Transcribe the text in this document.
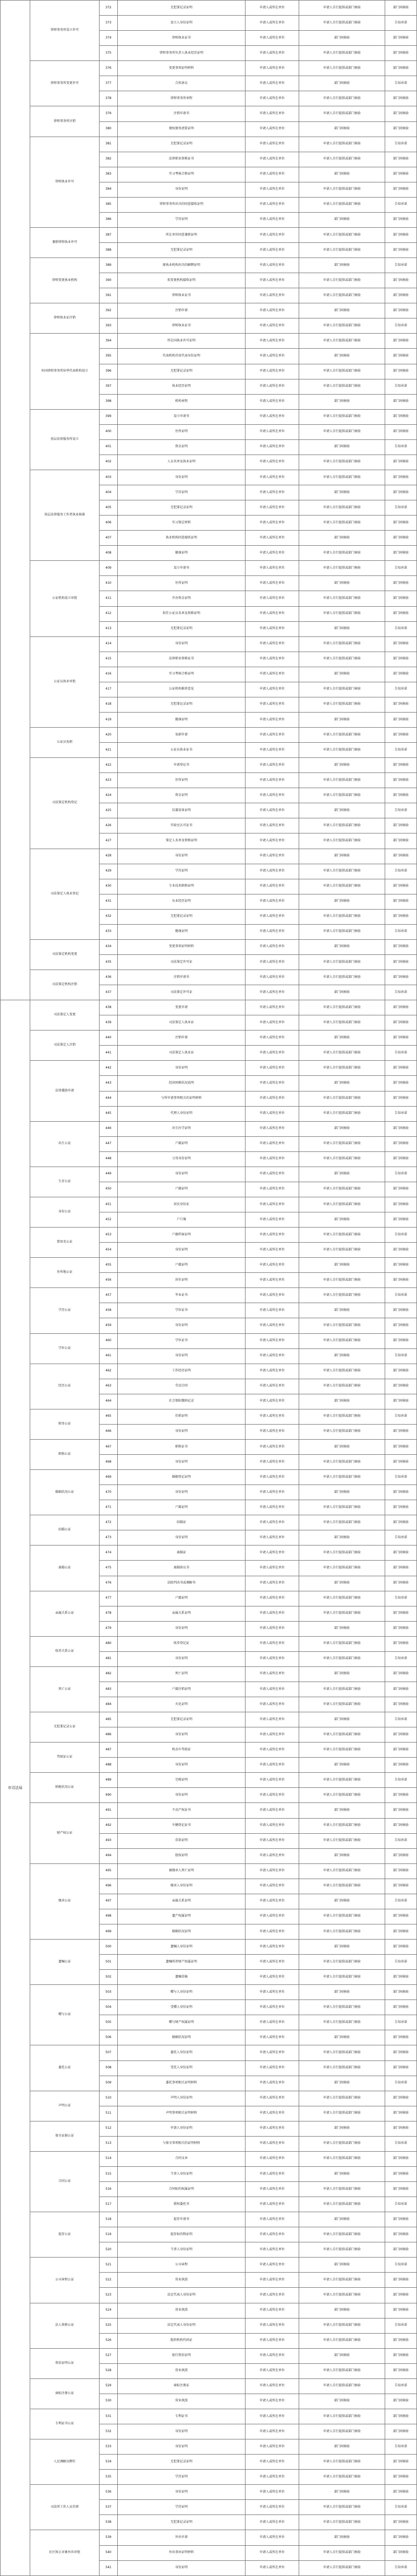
	律师事务所设立许可	372	无犯罪记录证明	申请人或所在单位	申请人自行提供或部门核验	部门间核验
		373	设立人身份证明	申请人或所在单位	申请人自行提供或部门核验	告知承诺
		374	律师执业证书	申请人或所在单位	部门间核验	部门间核验
		375	律师事务所负责人执业经历证明	申请人或所在单位	申请人自行提供或部门核验	部门间核验
	律师事务所变更许可	376	变更事项证明材料	申请人或所在单位	申请人自行提供或部门核验	部门间核验
		377	合伙协议	申请人或所在单位	部门间核验	告知承诺
		378	律师事务所章程	申请人或所在单位	申请人自行提供或部门核验	部门间核验
	律师事务所注销	379	注销申请书	申请人或所在单位	申请人自行提供或部门核验	部门间核验
		380	债权债务清算证明	申请人或所在单位	部门间核验	部门间核验
	律师执业许可	381	无犯罪记录证明	申请人或所在单位	申请人自行提供或部门核验	告知承诺
		382	法律职业资格证书	申请人或所在单位	申请人自行提供或部门核验	部门间核验
		383	实习考核合格证明	申请人或所在单位	部门间核验	部门间核验
		384	身份证明	申请人或所在单位	申请人自行提供或部门核验	部门间核验
		385	律师事务所出具的同意接收证明	申请人或所在单位	申请人自行提供或部门核验	告知承诺
		386	学历证明	申请人或所在单位	部门间核验	部门间核验
	兼职律师执业许可	387	所在单位同意兼职证明	申请人或所在单位	申请人自行提供或部门核验	部门间核验
		388	无犯罪记录证明	申请人或所在单位	申请人自行提供或部门核验	部门间核验
	律师变更执业机构	389	原执业机构出具的解聘证明	申请人或所在单位	部门间核验	告知承诺
		390	拟变更机构接收证明	申请人或所在单位	申请人自行提供或部门核验	部门间核验
		391	律师执业证书	申请人或所在单位	申请人自行提供或部门核验	部门间核验
	律师执业证注销	392	注销申请	申请人或所在单位	部门间核验	部门间核验
		393	律师执业证书	申请人或所在单位	申请人自行提供或部门核验	告知承诺
	外国律师事务所驻华代表机构设立	394	所在国执业许可证明	申请人或所在单位	申请人自行提供或部门核验	部门间核验
		395	代表机构首席代表身份证明	申请人或所在单位	部门间核验	部门间核验
		396	无犯罪记录证明	申请人或所在单位	申请人自行提供或部门核验	部门间核验
		397	执业经历证明	申请人或所在单位	申请人自行提供或部门核验	告知承诺
		398	机构章程	申请人或所在单位	部门间核验	部门间核验
	基层法律服务所设立	399	设立申请书	申请人或所在单位	申请人自行提供或部门核验	部门间核验
		400	住所证明	申请人或所在单位	申请人自行提供或部门核验	部门间核验
		401	资金证明	申请人或所在单位	部门间核验	告知承诺
		402	人员名单及执业证明	申请人或所在单位	申请人自行提供或部门核验	部门间核验
	基层法律服务工作者执业核准	403	身份证明	申请人或所在单位	申请人自行提供或部门核验	部门间核验
		404	学历证明	申请人或所在单位	部门间核验	部门间核验
		405	无犯罪记录证明	申请人或所在单位	申请人自行提供或部门核验	告知承诺
		406	实习鉴定材料	申请人或所在单位	申请人自行提供或部门核验	部门间核验
		407	执业机构同意接收证明	申请人或所在单位	部门间核验	部门间核验
		408	健康证明	申请人或所在单位	申请人自行提供或部门核验	部门间核验
	公证机构设立审批	409	设立申请书	申请人或所在单位	申请人自行提供或部门核验	告知承诺
		410	住所证明	申请人或所在单位	部门间核验	部门间核验
		411	开办资金证明	申请人或所在单位	申请人自行提供或部门核验	部门间核验
		412	拟任公证员名单及资格证明	申请人或所在单位	申请人自行提供或部门核验	部门间核验
		413	无犯罪记录证明	申请人或所在单位	部门间核验	告知承诺
	公证员执业审批	414	身份证明	申请人或所在单位	申请人自行提供或部门核验	部门间核验
		415	法律职业资格证书	申请人或所在单位	申请人自行提供或部门核验	部门间核验
		416	实习考核合格证明	申请人或所在单位	部门间核验	部门间核验
		417	公证机构推荐意见	申请人或所在单位	申请人自行提供或部门核验	告知承诺
		418	无犯罪记录证明	申请人或所在单位	申请人自行提供或部门核验	部门间核验
		419	健康证明	申请人或所在单位	部门间核验	部门间核验
	公证员免职	420	免职申请	申请人或所在单位	申请人自行提供或部门核验	部门间核验
		421	公证员执业证书	申请人或所在单位	申请人自行提供或部门核验	告知承诺
	司法鉴定机构登记	422	申请登记书	申请人或所在单位	部门间核验	部门间核验
		423	住所证明	申请人或所在单位	申请人自行提供或部门核验	部门间核验
		424	资金证明	申请人或所在单位	申请人自行提供或部门核验	部门间核验
		425	仪器设备证明	申请人或所在单位	部门间核验	告知承诺
		426	实验室认可证书	申请人或所在单位	申请人自行提供或部门核验	部门间核验
		427	鉴定人名单及资格证明	申请人或所在单位	申请人自行提供或部门核验	部门间核验
	司法鉴定人执业登记	428	身份证明	申请人或所在单位	部门间核验	部门间核验
		429	学历证明	申请人或所在单位	申请人自行提供或部门核验	告知承诺
		430	专业技术职称证明	申请人或所在单位	申请人自行提供或部门核验	部门间核验
		431	从业经历证明	申请人或所在单位	部门间核验	部门间核验
		432	无犯罪记录证明	申请人或所在单位	申请人自行提供或部门核验	部门间核验
		433	健康证明	申请人或所在单位	申请人自行提供或部门核验	告知承诺
	司法鉴定机构变更	434	变更事项证明材料	申请人或所在单位	部门间核验	部门间核验
		435	司法鉴定许可证	申请人或所在单位	申请人自行提供或部门核验	部门间核验
	司法鉴定机构注销	436	注销申请书	申请人或所在单位	申请人自行提供或部门核验	部门间核验
		437	司法鉴定许可证	申请人或所在单位	部门间核验	告知承诺
市司法局	司法鉴定人变更	438	变更申请	申请人或所在单位	申请人自行提供或部门核验	部门间核验
		439	司法鉴定人执业证	申请人或所在单位	申请人自行提供或部门核验	部门间核验
	司法鉴定人注销	440	注销申请	申请人或所在单位	部门间核验	部门间核验
		441	司法鉴定人执业证	申请人或所在单位	申请人自行提供或部门核验	告知承诺
	法律援助申请	442	身份证明	申请人或所在单位	申请人自行提供或部门核验	部门间核验
		443	经济困难状况说明	申请人或所在单位	部门间核验	部门间核验
		444	与所申请事项相关的证明材料	申请人或所在单位	申请人自行提供或部门核验	部门间核验
		445	代理人身份证明	申请人或所在单位	申请人自行提供或部门核验	告知承诺
	出生公证	446	出生医学证明	申请人或所在单位	部门间核验	部门间核验
		447	户籍证明	申请人或所在单位	申请人自行提供或部门核验	部门间核验
		448	父母身份证明	申请人或所在单位	申请人自行提供或部门核验	部门间核验
	生存公证	449	身份证明	申请人或所在单位	部门间核验	告知承诺
		450	户籍证明	申请人或所在单位	申请人自行提供或部门核验	部门间核验
	身份公证	451	居民身份证	申请人或所在单位	申请人自行提供或部门核验	部门间核验
		452	户口簿	申请人或所在单位	部门间核验	部门间核验
	曾用名公证	453	户籍档案证明	申请人或所在单位	申请人自行提供或部门核验	告知承诺
		454	身份证明	申请人或所在单位	申请人自行提供或部门核验	部门间核验
	住所地公证	455	户籍证明	申请人或所在单位	部门间核验	部门间核验
		456	居住证明	申请人或所在单位	申请人自行提供或部门核验	部门间核验
	学历公证	457	毕业证书	申请人或所在单位	申请人自行提供或部门核验	告知承诺
		458	学位证书	申请人或所在单位	部门间核验	部门间核验
		459	身份证明	申请人或所在单位	申请人自行提供或部门核验	部门间核验
	学位公证	460	学位证书	申请人或所在单位	申请人自行提供或部门核验	部门间核验
		461	身份证明	申请人或所在单位	部门间核验	告知承诺
	经历公证	462	工作经历证明	申请人或所在单位	申请人自行提供或部门核验	部门间核验
		463	劳动合同	申请人或所在单位	申请人自行提供或部门核验	部门间核验
		464	社会保险缴纳记录	申请人或所在单位	部门间核验	部门间核验
	职务公证	465	任职证明	申请人或所在单位	申请人自行提供或部门核验	告知承诺
		466	身份证明	申请人或所在单位	申请人自行提供或部门核验	部门间核验
	职称公证	467	职称证书	申请人或所在单位	部门间核验	部门间核验
		468	身份证明	申请人或所在单位	申请人自行提供或部门核验	部门间核验
	婚姻状况公证	469	婚姻登记证明	申请人或所在单位	申请人自行提供或部门核验	告知承诺
		470	身份证明	申请人或所在单位	部门间核验	部门间核验
		471	户籍证明	申请人或所在单位	申请人自行提供或部门核验	部门间核验
	结婚公证	472	结婚证	申请人或所在单位	申请人自行提供或部门核验	部门间核验
		473	身份证明	申请人或所在单位	部门间核验	告知承诺
	离婚公证	474	离婚证	申请人或所在单位	申请人自行提供或部门核验	部门间核验
		475	离婚协议书	申请人或所在单位	申请人自行提供或部门核验	部门间核验
		476	法院判决书或调解书	申请人或所在单位	部门间核验	部门间核验
	亲属关系公证	477	户籍证明	申请人或所在单位	申请人自行提供或部门核验	告知承诺
		478	亲属关系证明	申请人或所在单位	申请人自行提供或部门核验	部门间核验
		479	身份证明	申请人或所在单位	部门间核验	部门间核验
	收养关系公证	480	收养登记证	申请人或所在单位	申请人自行提供或部门核验	部门间核验
		481	身份证明	申请人或所在单位	申请人自行提供或部门核验	告知承诺
	死亡公证	482	死亡证明	申请人或所在单位	部门间核验	部门间核验
		483	户籍注销证明	申请人或所在单位	申请人自行提供或部门核验	部门间核验
		484	火化证明	申请人或所在单位	申请人自行提供或部门核验	部门间核验
	无犯罪记录公证	485	无犯罪记录证明	申请人或所在单位	部门间核验	告知承诺
		486	身份证明	申请人或所在单位	申请人自行提供或部门核验	部门间核验
	驾驶证公证	487	机动车驾驶证	申请人或所在单位	申请人自行提供或部门核验	部门间核验
		488	身份证明	申请人或所在单位	部门间核验	部门间核验
	纳税状况公证	489	完税证明	申请人或所在单位	申请人自行提供或部门核验	告知承诺
		490	身份证明	申请人或所在单位	申请人自行提供或部门核验	部门间核验
	财产权公证	491	不动产权证书	申请人或所在单位	部门间核验	部门间核验
		492	车辆登记证书	申请人或所在单位	申请人自行提供或部门核验	部门间核验
		493	存款证明	申请人或所在单位	申请人自行提供或部门核验	告知承诺
		494	股权证明	申请人或所在单位	部门间核验	部门间核验
	继承公证	495	被继承人死亡证明	申请人或所在单位	申请人自行提供或部门核验	部门间核验
		496	继承人身份证明	申请人或所在单位	申请人自行提供或部门核验	部门间核验
		497	亲属关系证明	申请人或所在单位	部门间核验	告知承诺
		498	遗产权属证明	申请人或所在单位	申请人自行提供或部门核验	部门间核验
		499	婚姻状况证明	申请人或所在单位	申请人自行提供或部门核验	部门间核验
	遗嘱公证	500	遗嘱人身份证明	申请人或所在单位	部门间核验	部门间核验
		501	遗嘱所涉财产权属证明	申请人或所在单位	申请人自行提供或部门核验	告知承诺
		502	遗嘱草稿	申请人或所在单位	申请人自行提供或部门核验	部门间核验
	赠与公证	503	赠与人身份证明	申请人或所在单位	部门间核验	部门间核验
		504	受赠人身份证明	申请人或所在单位	申请人自行提供或部门核验	部门间核验
		505	赠与财产权属证明	申请人或所在单位	申请人自行提供或部门核验	告知承诺
		506	婚姻状况证明	申请人或所在单位	部门间核验	部门间核验
	委托公证	507	委托人身份证明	申请人或所在单位	申请人自行提供或部门核验	部门间核验
		508	受托人身份证明	申请人或所在单位	申请人自行提供或部门核验	部门间核验
		509	委托事项相关证明材料	申请人或所在单位	部门间核验	告知承诺
	声明公证	510	声明人身份证明	申请人或所在单位	申请人自行提供或部门核验	部门间核验
		511	声明事项相关证明材料	申请人或所在单位	申请人自行提供或部门核验	部门间核验
	保全证据公证	512	申请人身份证明	申请人或所在单位	部门间核验	部门间核验
		513	与保全事项相关的证明材料	申请人或所在单位	申请人自行提供或部门核验	告知承诺
	合同公证	514	合同文本	申请人或所在单位	申请人自行提供或部门核验	部门间核验
		515	当事人身份证明	申请人或所在单位	部门间核验	部门间核验
		516	合同标的权属证明	申请人或所在单位	申请人自行提供或部门核验	部门间核验
		517	授权委托书	申请人或所在单位	申请人自行提供或部门核验	告知承诺
	提存公证	518	提存申请书	申请人或所在单位	部门间核验	部门间核验
		519	提存标的物证明	申请人或所在单位	申请人自行提供或部门核验	部门间核验
		520	当事人身份证明	申请人或所在单位	申请人自行提供或部门核验	部门间核验
	公司章程公证	521	公司章程	申请人或所在单位	部门间核验	告知承诺
		522	营业执照	申请人或所在单位	申请人自行提供或部门核验	部门间核验
		523	法定代表人身份证明	申请人或所在单位	申请人自行提供或部门核验	部门间核验
	法人资格公证	524	营业执照	申请人或所在单位	部门间核验	部门间核验
		525	法定代表人身份证明	申请人或所在单位	申请人自行提供或部门核验	告知承诺
		526	组织机构代码证	申请人或所在单位	申请人自行提供或部门核验	部门间核验
	资信证明公证	527	银行资信证明	申请人或所在单位	部门间核验	部门间核验
		528	营业执照	申请人或所在单位	申请人自行提供或部门核验	部门间核验
	商标注册公证	529	商标注册证	申请人或所在单位	申请人自行提供或部门核验	告知承诺
		530	营业执照	申请人或所在单位	部门间核验	部门间核验
	专利证书公证	531	专利证书	申请人或所在单位	申请人自行提供或部门核验	部门间核验
		532	身份证明	申请人或所在单位	申请人自行提供或部门核验	部门间核验
	人民调解员聘任	533	身份证明	申请人或所在单位	部门间核验	告知承诺
		534	无犯罪记录证明	申请人或所在单位	申请人自行提供或部门核验	部门间核验
		535	学历证明	申请人或所在单位	申请人自行提供或部门核验	部门间核验
	司法所工作人员任职	536	身份证明	申请人或所在单位	部门间核验	部门间核验
		537	学历证明	申请人或所在单位	申请人自行提供或部门核验	告知承诺
		538	无犯罪记录证明	申请人或所在单位	申请人自行提供或部门核验	部门间核验
	社区矫正对象外出审批	539	外出申请	申请人或所在单位	部门间核验	部门间核验
		540	外出事由证明材料	申请人或所在单位	申请人自行提供或部门核验	部门间核验
		541	身份证明	申请人或所在单位	申请人自行提供或部门核验	告知承诺
